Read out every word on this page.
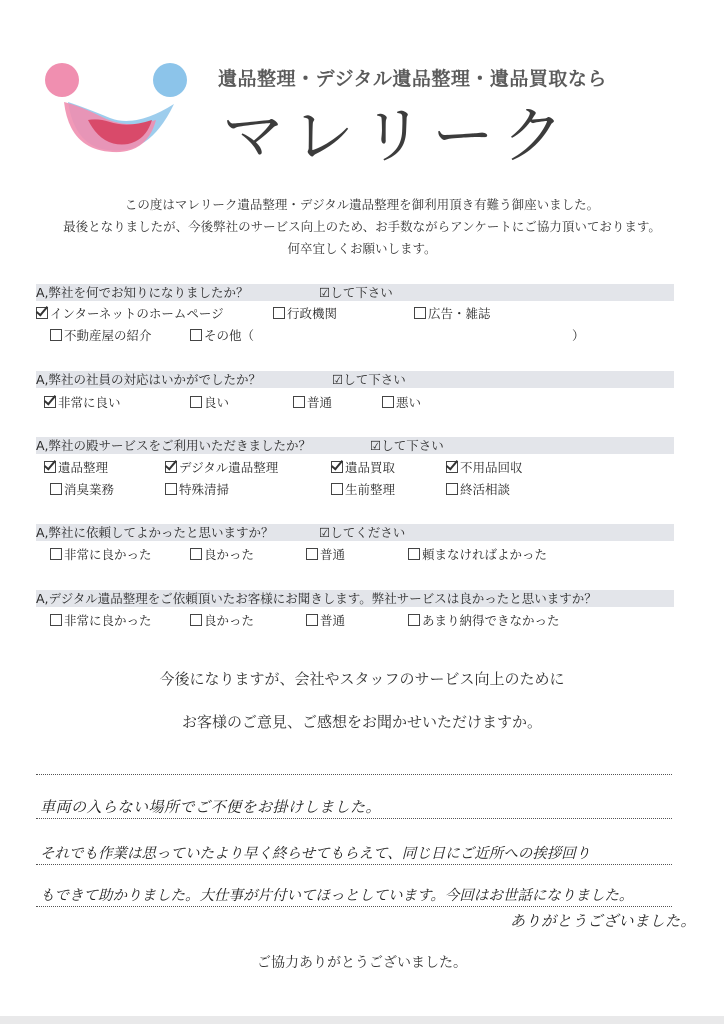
遺品整理・デジタル遺品整理・遺品買取なら
マレリーク
この度はマレリーク遺品整理・デジタル遺品整理を御利用頂き有難う御座いました。
最後となりましたが、今後弊社のサービス向上のため、お手数ながらアンケートにご協力頂いております。
何卒宜しくお願いします。
A,弊社を何でお知りになりましたか？	☑して下さい
インターネットのホームページ	行政機関	広告・雑誌
不動産屋の紹介	その他（	）
A,弊社の社員の対応はいかがでしたか？	☑して下さい
非常に良い	良い	普通	悪い
A,弊社の殿サービスをご利用いただきましたか？	☑して下さい
遺品整理	デジタル遺品整理	遺品買取	不用品回収
消臭業務	特殊清掃	生前整理	終活相談
A,弊社に依頼してよかったと思いますか？	☑してください
非常に良かった	良かった	普通	頼まなければよかった
A,デジタル遺品整理をご依頼頂いたお客様にお聞きします。弊社サービスは良かったと思いますか？
非常に良かった	良かった	普通	あまり納得できなかった
今後になりますが、会社やスタッフのサービス向上のために
お客様のご意見、ご感想をお聞かせいただけますか。
車両の入らない場所でご不便をお掛けしました。
それでも作業は思っていたより早く終らせてもらえて、同じ日にご近所への挨拶回り
もできて助かりました。大仕事が片付いてほっとしています。今回はお世話になりました。
ありがとうございました。
ご協力ありがとうございました。
